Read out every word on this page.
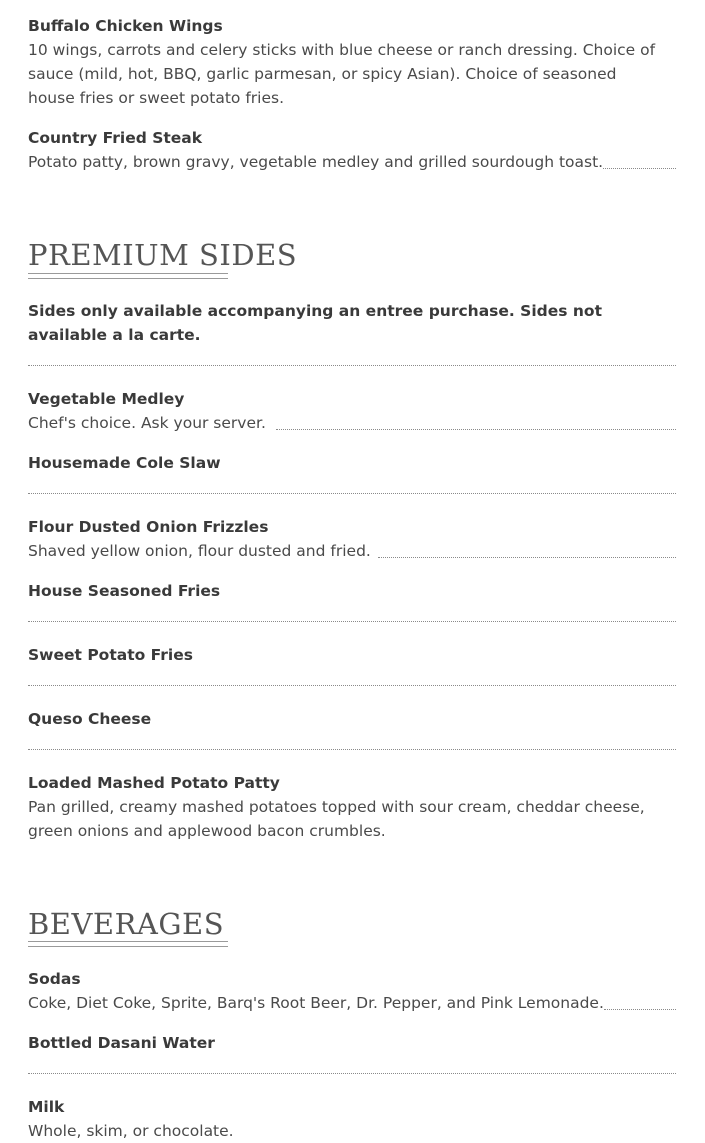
Buffalo Chicken Wings
10 wings, carrots and celery sticks with blue cheese or ranch dressing. Choice of sauce (mild, hot, BBQ, garlic parmesan, or spicy Asian). Choice of seasoned house fries or sweet potato fries.
Country Fried Steak
Potato patty, brown gravy, vegetable medley and grilled sourdough toast.
PREMIUM SIDES
Sides only available accompanying an entree purchase. Sides not available a la carte.
Vegetable Medley
Chef's choice. Ask your server.
Housemade Cole Slaw
Flour Dusted Onion Frizzles
Shaved yellow onion, flour dusted and fried.
House Seasoned Fries
Sweet Potato Fries
Queso Cheese
Loaded Mashed Potato Patty
Pan grilled, creamy mashed potatoes topped with sour cream, cheddar cheese, green onions and applewood bacon crumbles.
BEVERAGES
Sodas
Coke, Diet Coke, Sprite, Barq's Root Beer, Dr. Pepper, and Pink Lemonade.
Bottled Dasani Water
Milk
Whole, skim, or chocolate.
